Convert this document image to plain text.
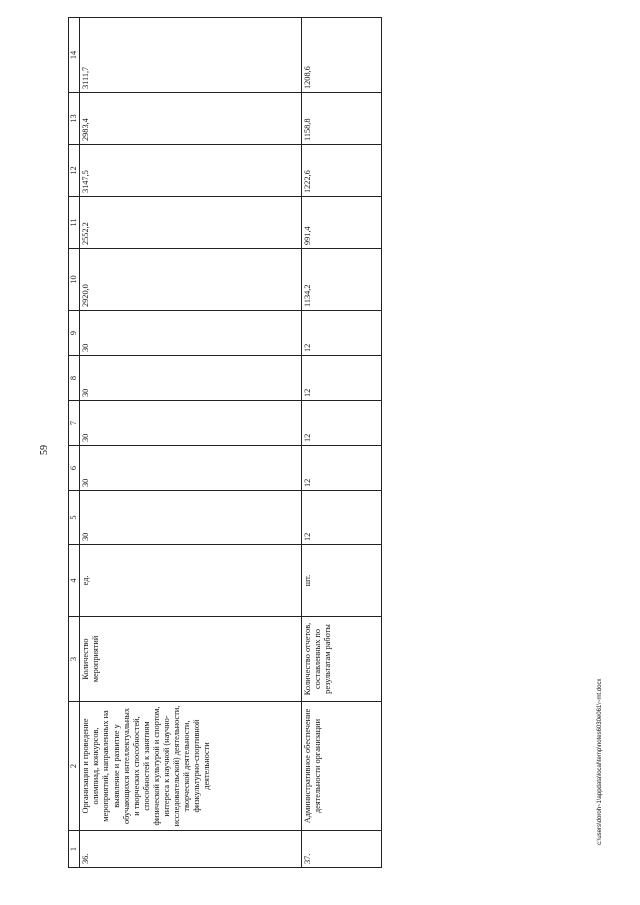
59
1	2	3	4	5	6	7	8	9	10	11	12	13	14
36.	Организация и проведение олимпиад, конкурсов, мероприятий, направленных на выявление и развитие у обучающихся интеллектуальных и творческих способностей, способностей к занятиям физической культурой и спортом, интереса к научной (научно-исследовательской) деятельности, творческой деятельности, физкультурно-спортивной деятельности	Количество мероприятий	ед.	30	30	30	30	30	2920,0	2552,2	3147,5	2983,4	3111,7
37.	Административное обеспечение деятельности организации	Количество отчетов, составленных по результатам работы	шт.	12	12	12	12	12	1134,2	991,4	1222,6	1158,8	1208,6
c:\users\doroh~1\appdata\local\temp\notes6030e061\~mt.docx
